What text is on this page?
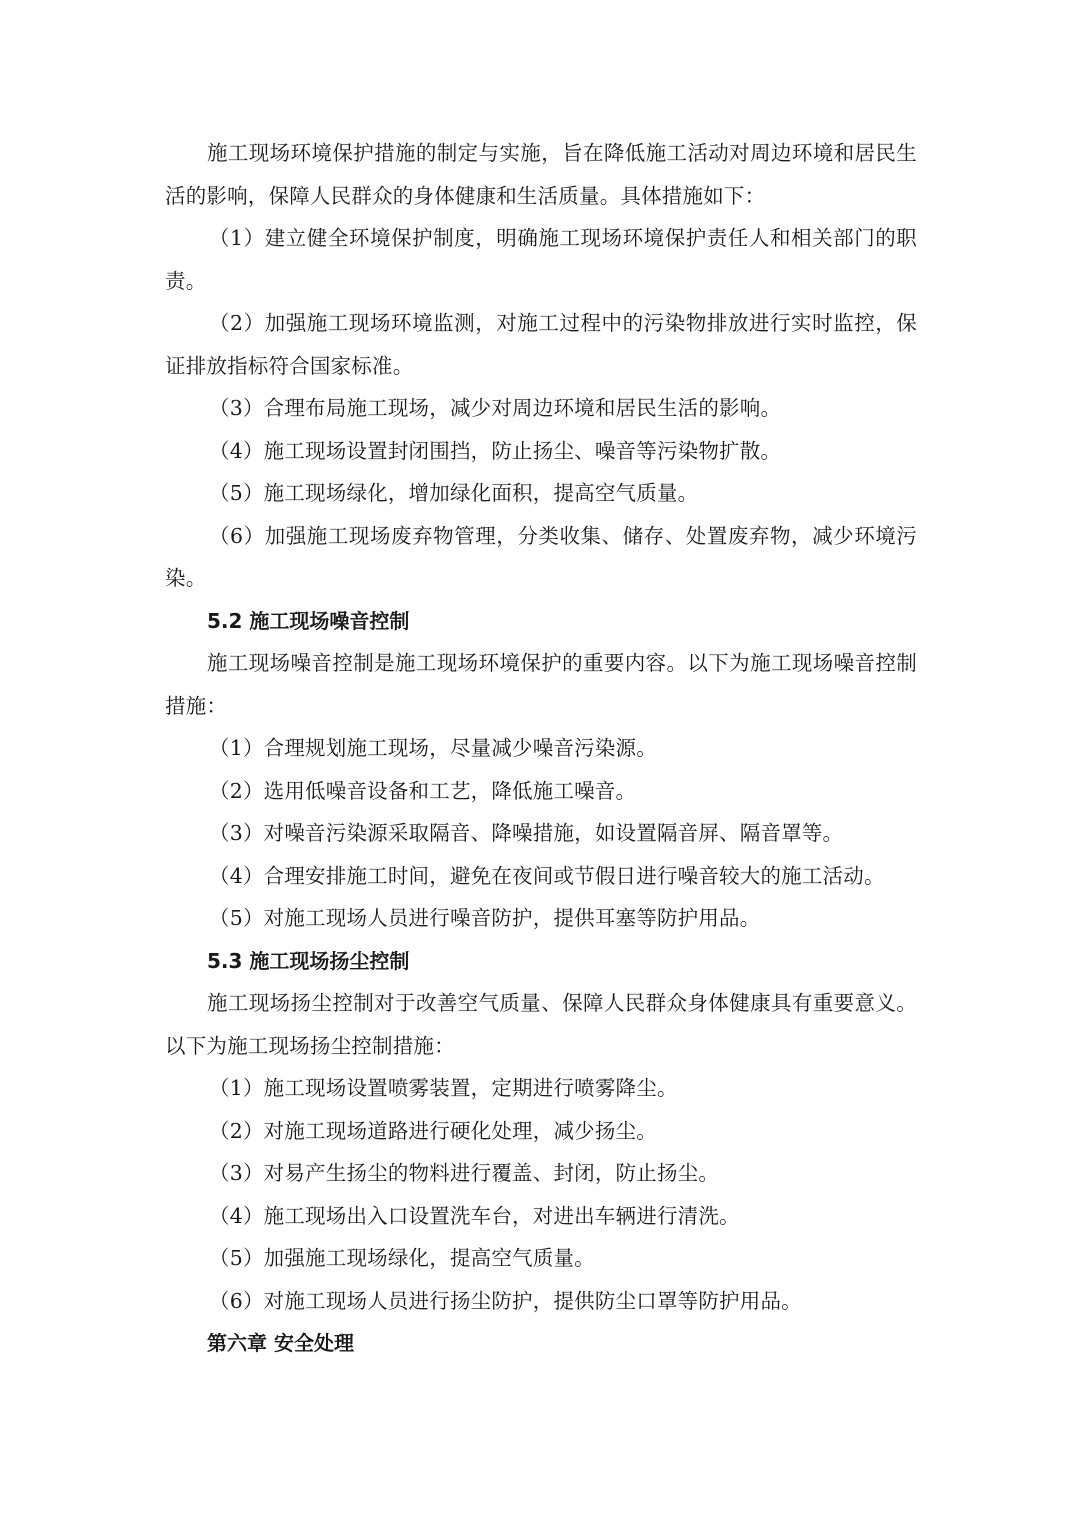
施工现场环境保护措施的制定与实施，旨在降低施工活动对周边环境和居民生活的影响，保障人民群众的身体健康和生活质量。具体措施如下：

（1）建立健全环境保护制度，明确施工现场环境保护责任人和相关部门的职责。

（2）加强施工现场环境监测，对施工过程中的污染物排放进行实时监控，保证排放指标符合国家标准。

（3）合理布局施工现场，减少对周边环境和居民生活的影响。

（4）施工现场设置封闭围挡，防止扬尘、噪音等污染物扩散。

（5）施工现场绿化，增加绿化面积，提高空气质量。

（6）加强施工现场废弃物管理，分类收集、储存、处置废弃物，减少环境污染。

5.2 施工现场噪音控制

施工现场噪音控制是施工现场环境保护的重要内容。以下为施工现场噪音控制措施：

（1）合理规划施工现场，尽量减少噪音污染源。

（2）选用低噪音设备和工艺，降低施工噪音。

（3）对噪音污染源采取隔音、降噪措施，如设置隔音屏、隔音罩等。

（4）合理安排施工时间，避免在夜间或节假日进行噪音较大的施工活动。

（5）对施工现场人员进行噪音防护，提供耳塞等防护用品。

5.3 施工现场扬尘控制

施工现场扬尘控制对于改善空气质量、保障人民群众身体健康具有重要意义。以下为施工现场扬尘控制措施：

（1）施工现场设置喷雾装置，定期进行喷雾降尘。

（2）对施工现场道路进行硬化处理，减少扬尘。

（3）对易产生扬尘的物料进行覆盖、封闭，防止扬尘。

（4）施工现场出入口设置洗车台，对进出车辆进行清洗。

（5）加强施工现场绿化，提高空气质量。

（6）对施工现场人员进行扬尘防护，提供防尘口罩等防护用品。

第六章 安全处理
